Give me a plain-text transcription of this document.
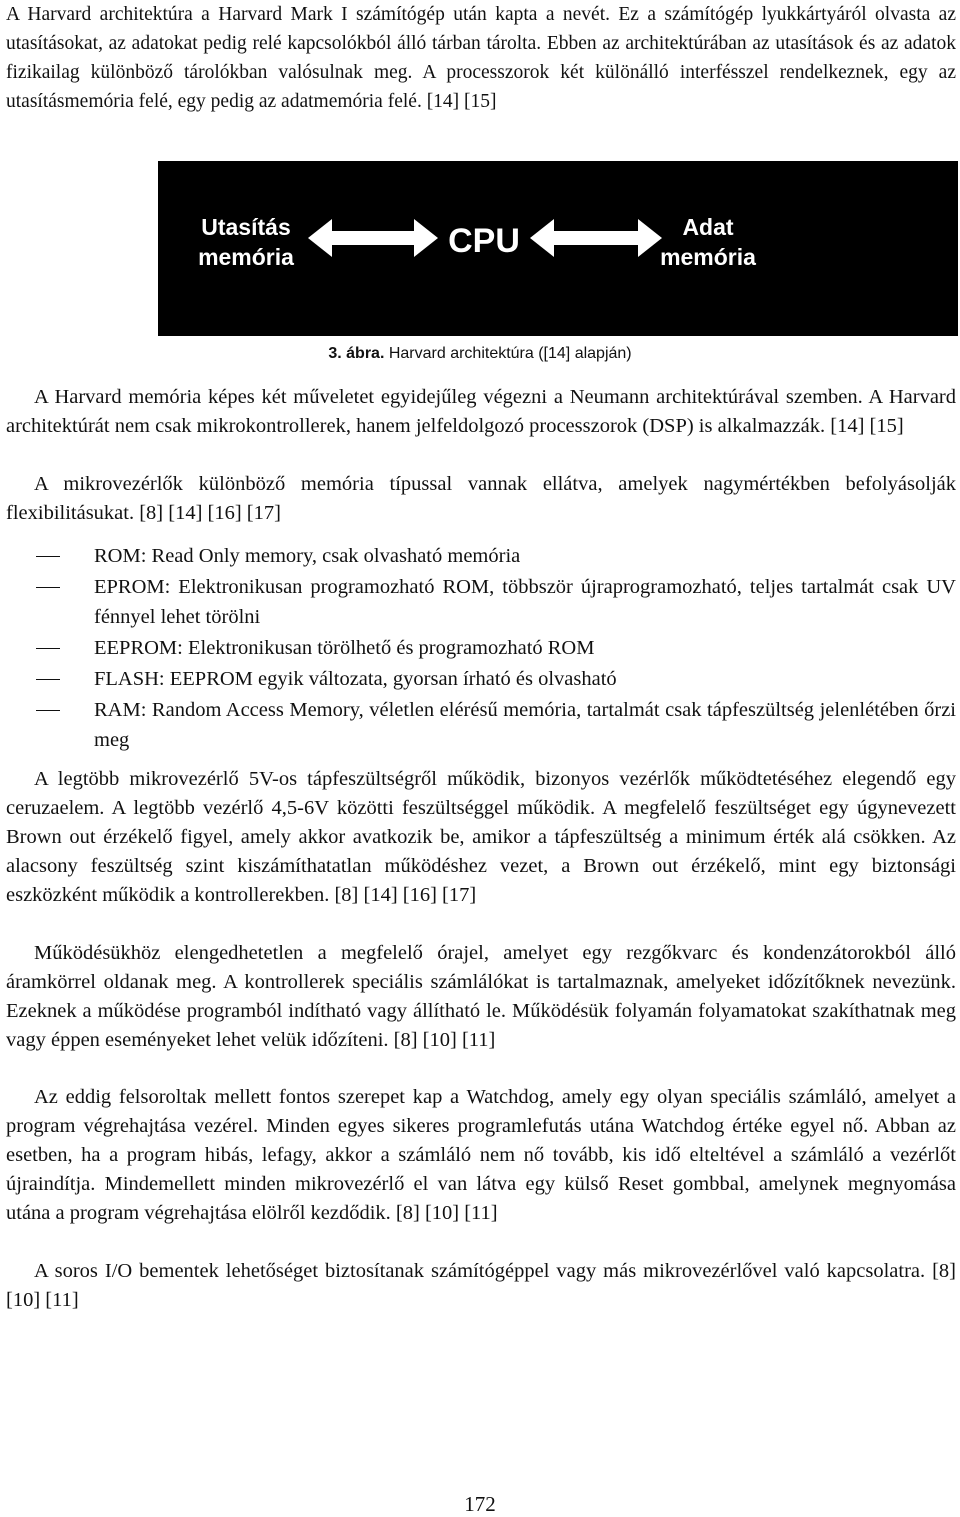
A Harvard architektúra a Harvard Mark I számítógép után kapta a nevét. Ez a számítógép lyukkártyáról olvasta az utasításokat, az adatokat pedig relé kapcsolókból álló tárban tárolta. Ebben az architektúrában az utasítások és az adatok fizikailag különböző tárolókban valósulnak meg. A processzorok két különálló interfésszel rendelkeznek, egy az utasításmemória felé, egy pedig az adatmemória felé. [14] [15]

Utasítás
memória	CPU	Adat
memória
3. ábra. Harvard architektúra ([14] alapján)

A Harvard memória képes két műveletet egyidejűleg végezni a Neumann architektúrával szemben. A Harvard architektúrát nem csak mikrokontrollerek, hanem jelfeldolgozó processzorok (DSP) is alkalmazzák. [14] [15]

A mikrovezérlők különböző memória típussal vannak ellátva, amelyek nagymértékben befolyásolják flexibilitásukat. [8] [14] [16] [17]

ROM: Read Only memory, csak olvasható memória
EPROM: Elektronikusan programozható ROM, többször újraprogramozható, teljes tartalmát csak UV fénnyel lehet törölni
EEPROM: Elektronikusan törölhető és programozható ROM
FLASH: EEPROM egyik változata, gyorsan írható és olvasható
RAM: Random Access Memory, véletlen elérésű memória, tartalmát csak tápfeszültség jelenlétében őrzi meg

A legtöbb mikrovezérlő 5V-os tápfeszültségről működik, bizonyos vezérlők működtetéséhez elegendő egy ceruzaelem. A legtöbb vezérlő 4,5-6V közötti feszültséggel működik. A megfelelő feszültséget egy úgynevezett Brown out érzékelő figyel, amely akkor avatkozik be, amikor a tápfeszültség a minimum érték alá csökken. Az alacsony feszültség szint kiszámíthatatlan működéshez vezet, a Brown out érzékelő, mint egy biztonsági eszközként működik a kontrollerekben. [8] [14] [16] [17]

Működésükhöz elengedhetetlen a megfelelő órajel, amelyet egy rezgőkvarc és kondenzátorokból álló áramkörrel oldanak meg. A kontrollerek speciális számlálókat is tartalmaznak, amelyeket időzítőknek nevezünk. Ezeknek a működése programból indítható vagy állítható le. Működésük folyamán folyamatokat szakíthatnak meg vagy éppen eseményeket lehet velük időzíteni. [8] [10] [11]

Az eddig felsoroltak mellett fontos szerepet kap a Watchdog, amely egy olyan speciális számláló, amelyet a program végrehajtása vezérel. Minden egyes sikeres programlefutás utána Watchdog értéke egyel nő. Abban az esetben, ha a program hibás, lefagy, akkor a számláló nem nő tovább, kis idő elteltével a számláló a vezérlőt újraindítja. Mindemellett minden mikrovezérlő el van látva egy külső Reset gombbal, amelynek megnyomása utána a program végrehajtása elölről kezdődik. [8] [10] [11]

A soros I/O bementek lehetőséget biztosítanak számítógéppel vagy más mikrovezérlővel való kapcsolatra. [8] [10] [11]

172
